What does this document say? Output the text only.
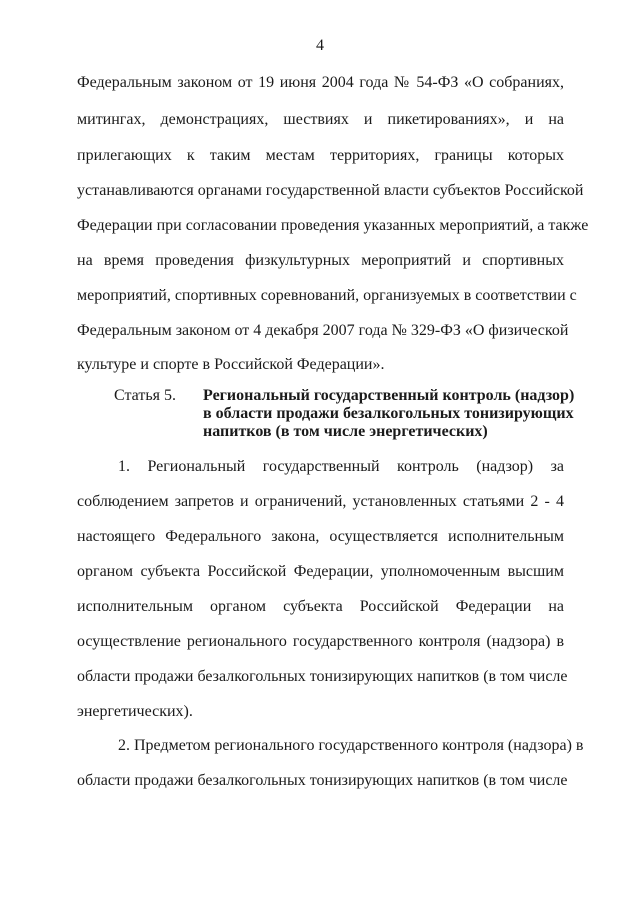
4
Федеральным законом от 19 июня 2004 года № 54-ФЗ «О собраниях,
митингах, демонстрациях, шествиях и пикетированиях», и на
прилегающих к таким местам территориях, границы которых
устанавливаются органами государственной власти субъектов Российской
Федерации при согласовании проведения указанных мероприятий, а также
на время проведения физкультурных мероприятий и спортивных
мероприятий, спортивных соревнований, организуемых в соответствии с
Федеральным законом от 4 декабря 2007 года № 329-ФЗ «О физической
культуре и спорте в Российской Федерации».
Статья 5. Региональный государственный контроль (надзор)
в области продажи безалкогольных тонизирующих
напитков (в том числе энергетических)
1. Региональный государственный контроль (надзор) за
соблюдением запретов и ограничений, установленных статьями 2 - 4
настоящего Федерального закона, осуществляется исполнительным
органом субъекта Российской Федерации, уполномоченным высшим
исполнительным органом субъекта Российской Федерации на
осуществление регионального государственного контроля (надзора) в
области продажи безалкогольных тонизирующих напитков (в том числе
энергетических).
2. Предметом регионального государственного контроля (надзора) в
области продажи безалкогольных тонизирующих напитков (в том числе
